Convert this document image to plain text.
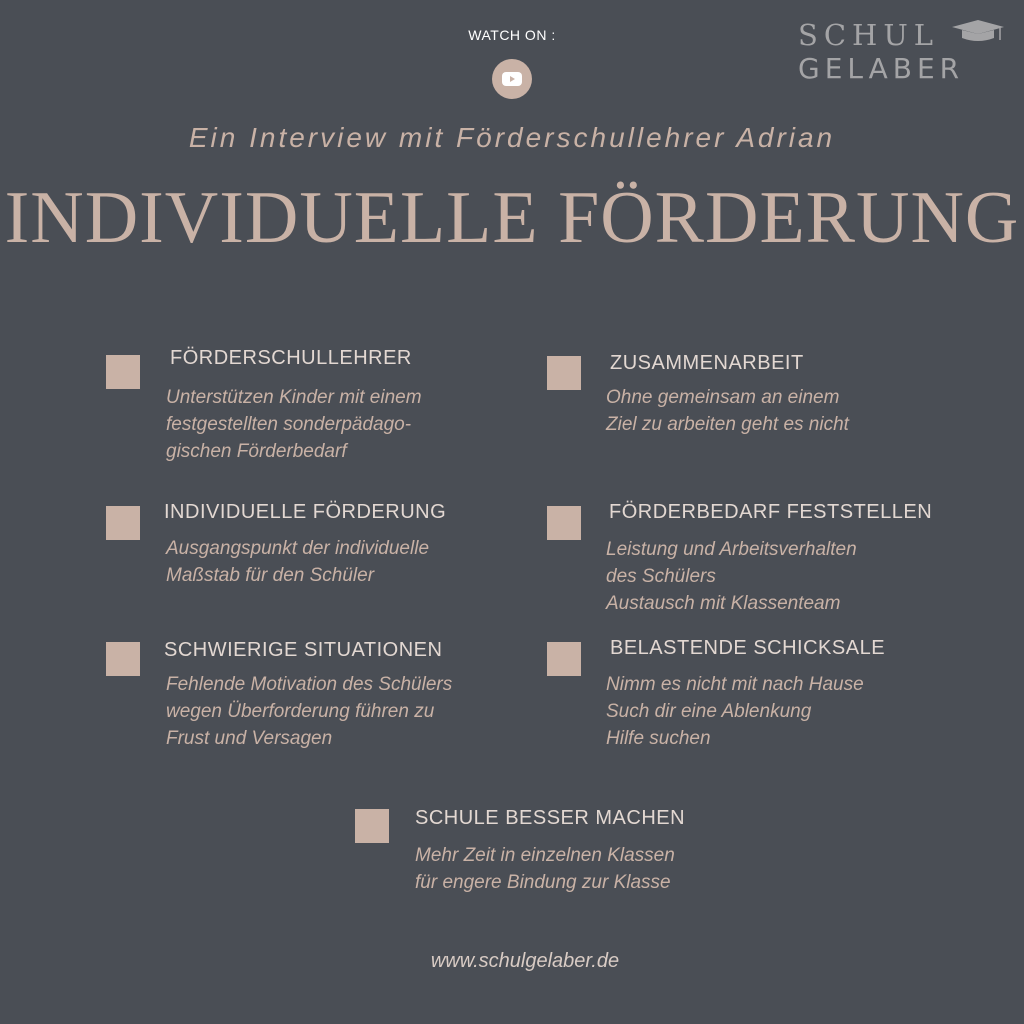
WATCH ON :	SCHUL
GELABER
Ein Interview mit Förderschullehrer Adrian
INDIVIDUELLE FÖRDERUNG
FÖRDERSCHULLEHRER
Unterstützen Kinder mit einem
festgestellten sonderpädago-
gischen Förderbedarf
ZUSAMMENARBEIT
Ohne gemeinsam an einem
Ziel zu arbeiten geht es nicht
INDIVIDUELLE FÖRDERUNG
Ausgangspunkt der individuelle
Maßstab für den Schüler
FÖRDERBEDARF FESTSTELLEN
Leistung und Arbeitsverhalten
des Schülers
Austausch mit Klassenteam
SCHWIERIGE SITUATIONEN
Fehlende Motivation des Schülers
wegen Überforderung führen zu
Frust und Versagen
BELASTENDE SCHICKSALE
Nimm es nicht mit nach Hause
Such dir eine Ablenkung
Hilfe suchen
SCHULE BESSER MACHEN
Mehr Zeit in einzelnen Klassen
für engere Bindung zur Klasse
www.schulgelaber.de
